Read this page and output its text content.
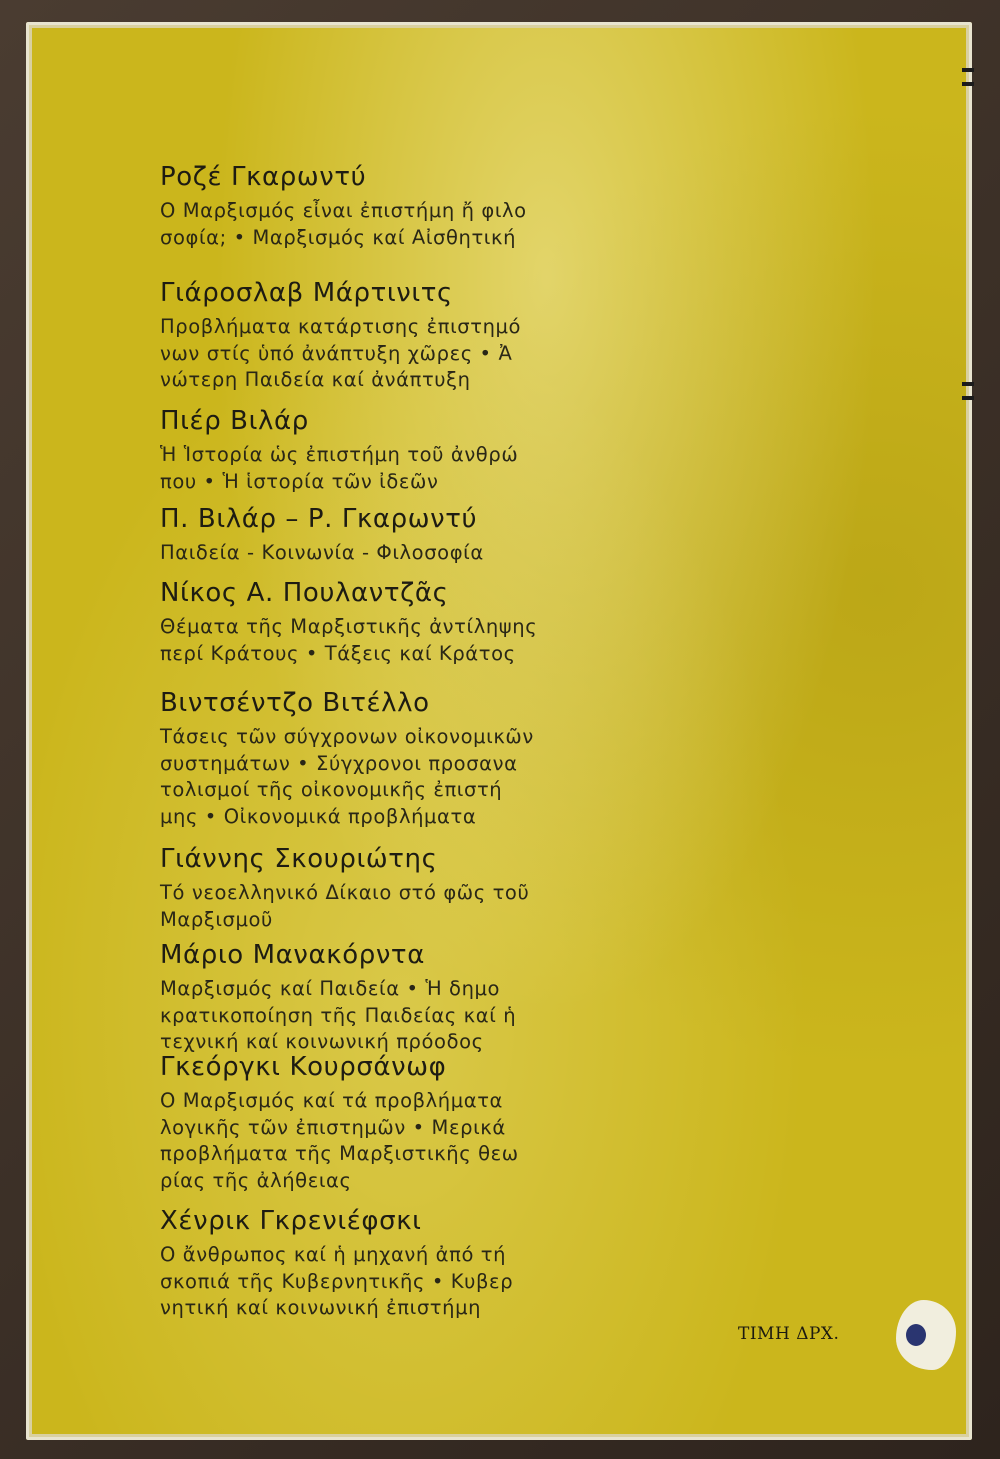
Ροζέ Γκαρωντύ
Ο Μαρξισμός εἶναι ἐπιστήμη ἤ φιλο
σοφία; • Μαρξισμός καί Αἰσθητική
Γιάροσλαβ Μάρτινιτς
Προβλήματα κατάρτισης ἐπιστημό
νων στίς ὑπό ἀνάπτυξη χῶρες • Ἀ
νώτερη Παιδεία καί ἀνάπτυξη
Πιέρ Βιλάρ
Ἡ Ἱστορία ὡς ἐπιστήμη τοῦ ἀνθρώ
που • Ἡ ἱστορία τῶν ἰδεῶν
Π. Βιλάρ – Ρ. Γκαρωντύ
Παιδεία - Κοινωνία - Φιλοσοφία
Νίκος Α. Πουλαντζᾶς
Θέματα τῆς Μαρξιστικῆς ἀντίληψης
περί Κράτους • Τάξεις καί Κράτος
Βιντσέντζο Βιτέλλο
Τάσεις τῶν σύγχρονων οἰκονομικῶν
συστημάτων • Σύγχρονοι προσανα
τολισμοί τῆς οἰκονομικῆς ἐπιστή
μης • Οἰκονομικά προβλήματα
Γιάννης Σκουριώτης
Τό νεοελληνικό Δίκαιο στό φῶς τοῦ
Μαρξισμοῦ
Μάριο Μανακόρντα
Μαρξισμός καί Παιδεία • Ἡ δημο
κρατικοποίηση τῆς Παιδείας καί ἡ
τεχνική καί κοινωνική πρόοδος
Γκεόργκι Κουρσάνωφ
Ο Μαρξισμός καί τά προβλήματα
λογικῆς τῶν ἐπιστημῶν • Μερικά
προβλήματα τῆς Μαρξιστικῆς θεω
ρίας τῆς ἀλήθειας
Χένρικ Γκρενιέφσκι
Ο ἄνθρωπος καί ἡ μηχανή ἀπό τή
σκοπιά τῆς Κυβερνητικῆς • Κυβερ
νητική καί κοινωνική ἐπιστήμη
ΤΙΜΗ ΔΡΧ.
